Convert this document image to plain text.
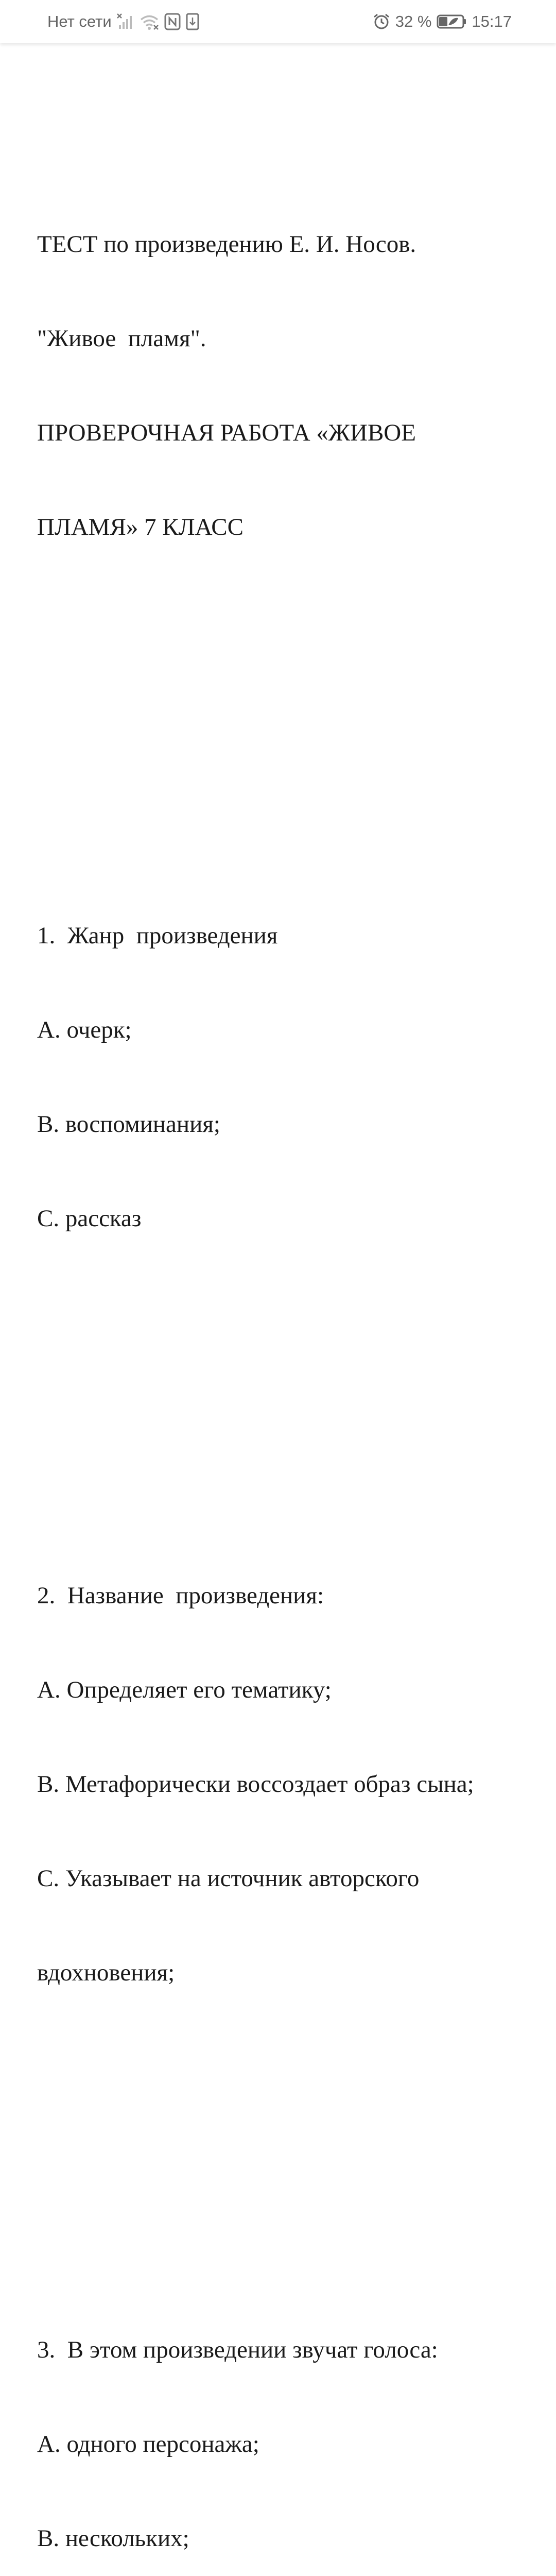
Нет сети	32 %	15:17

ТЕСТ по произведению Е. И. Носов.

"Живое  пламя".

ПРОВЕРОЧНАЯ РАБОТА «ЖИВОЕ

ПЛАМЯ» 7 КЛАСС

1.  Жанр  произведения

А. очерк;

В. воспоминания;

С. рассказ

2.  Название  произведения:

А. Определяет его тематику;

В. Метафорически воссоздает образ сына;

С. Указывает на источник авторского

вдохновения;

3.  В этом произведении звучат голоса:

А. одного персонажа;

В. нескольких;
